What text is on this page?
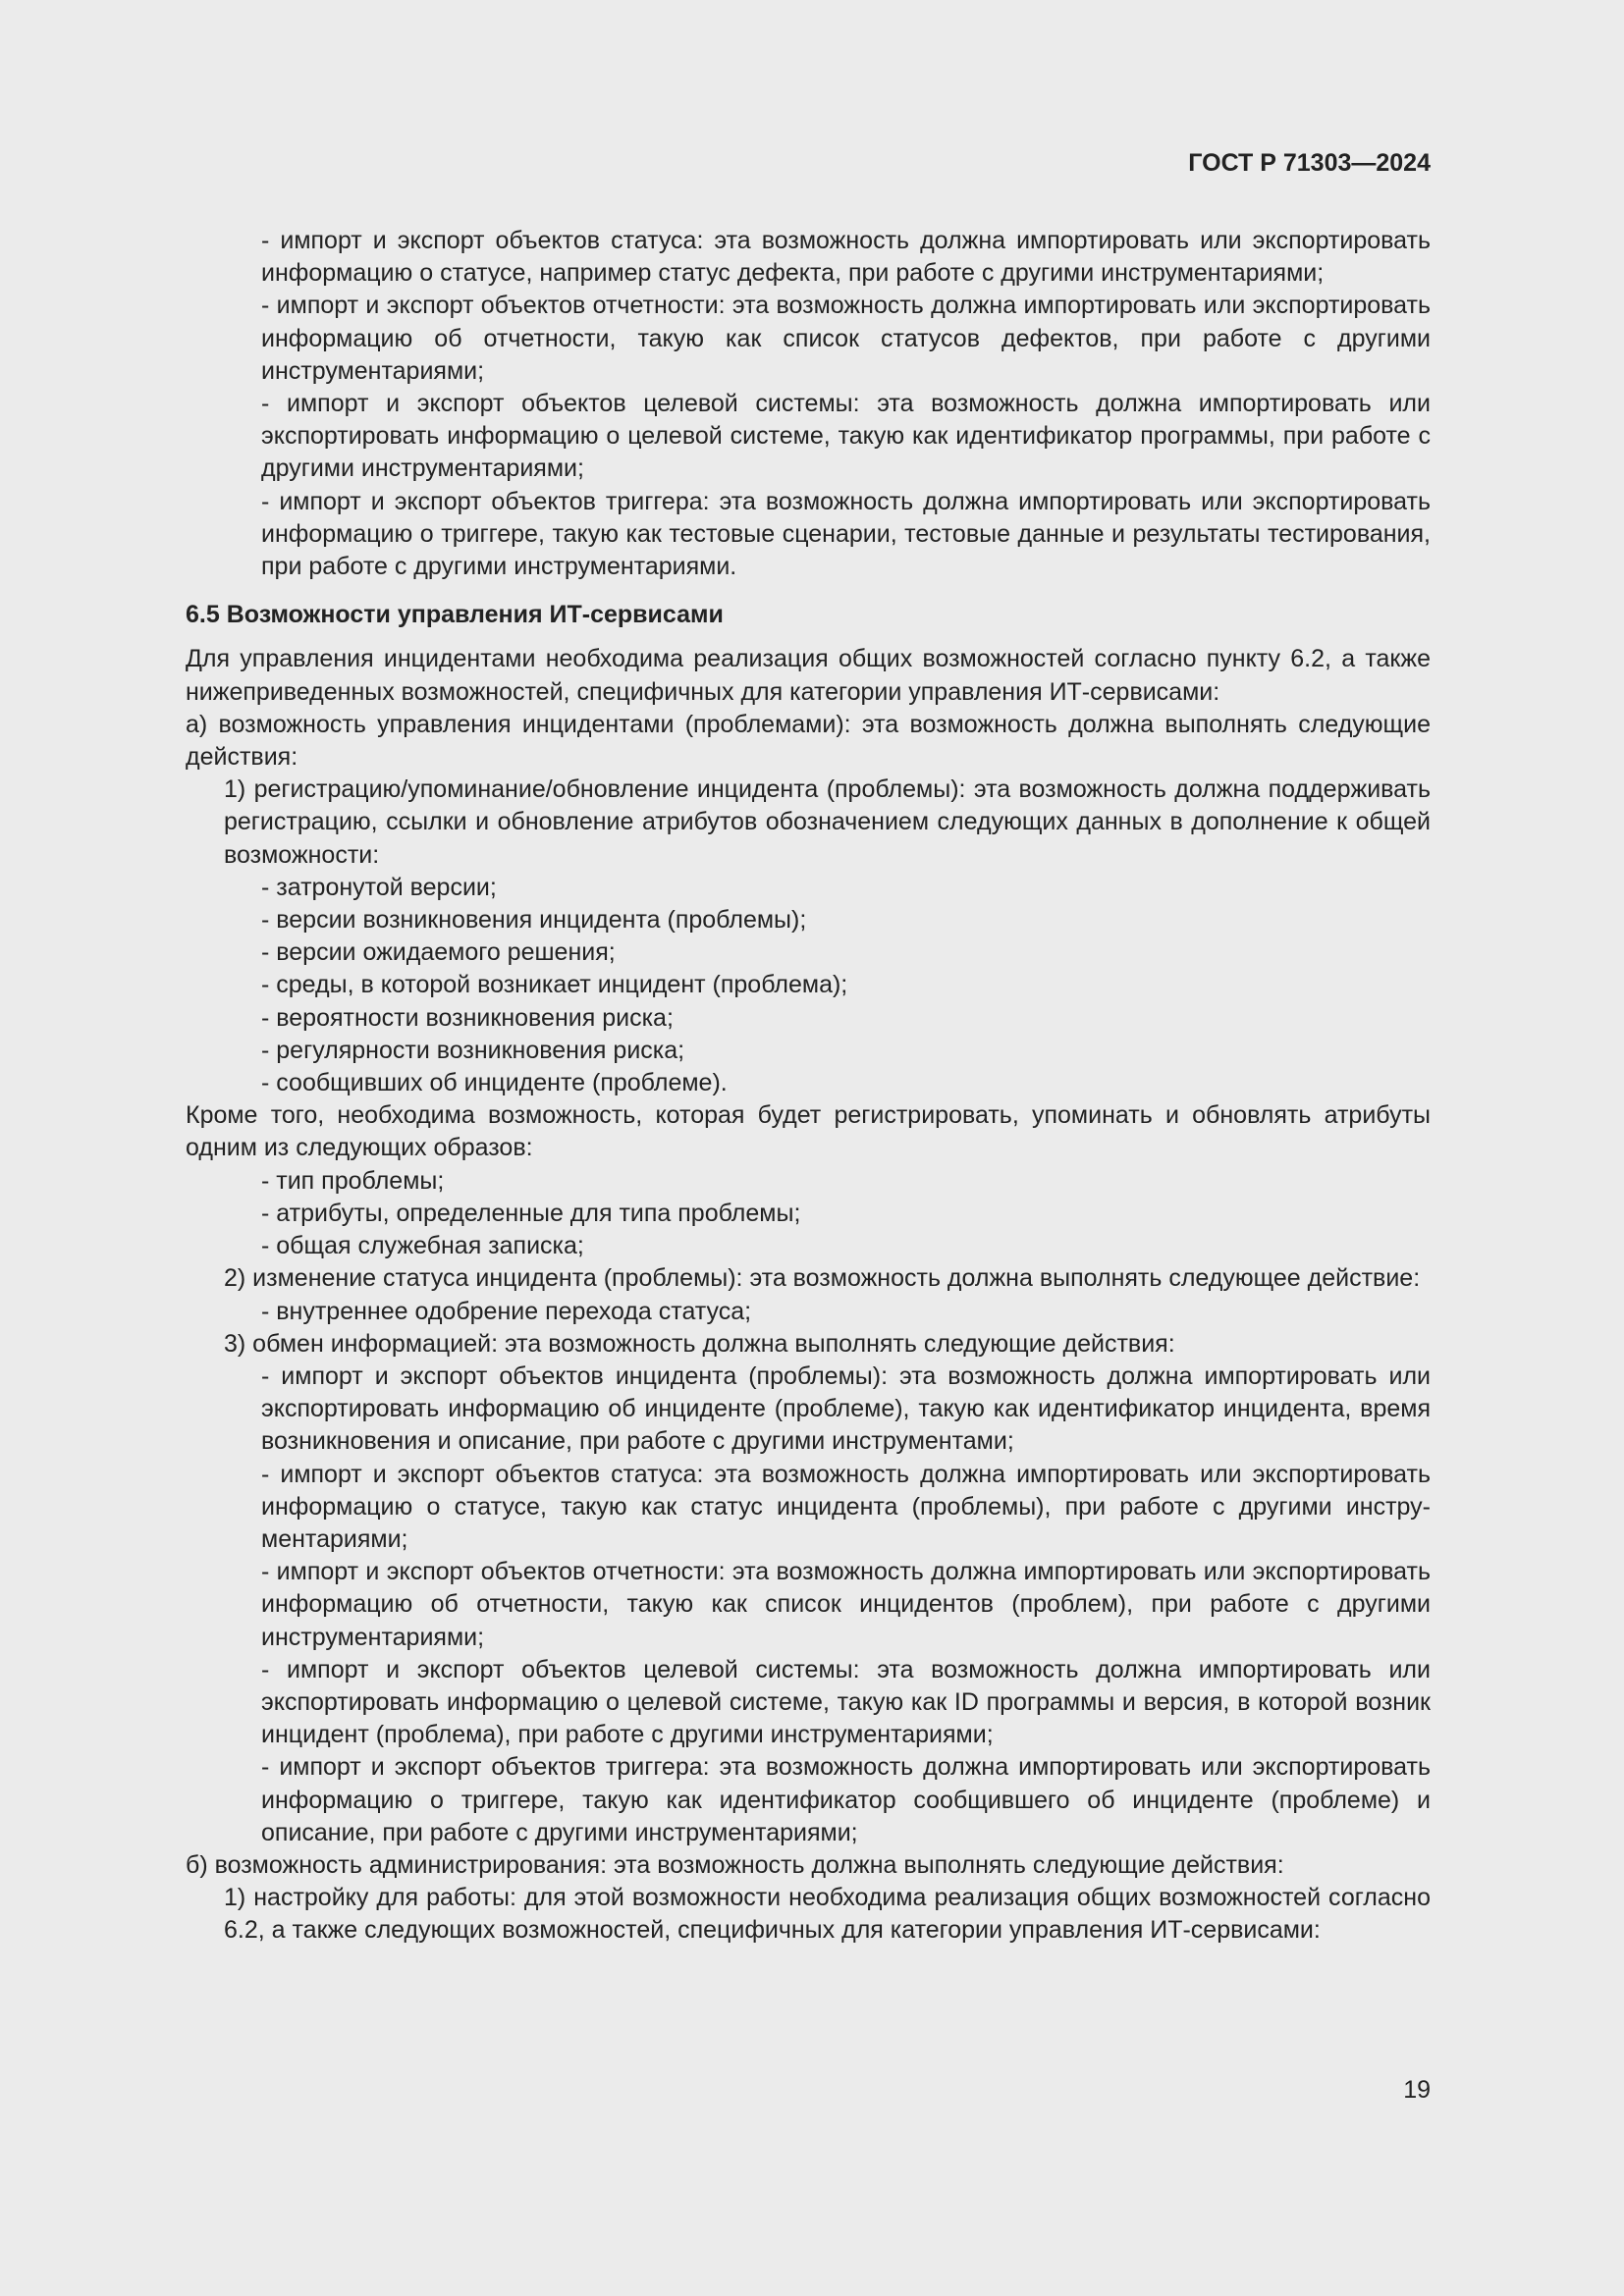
ГОСТ Р 71303—2024

- импорт и экспорт объектов статуса: эта возможность должна импортировать или экспортировать информацию о статусе, например статус дефекта, при работе с другими инструментариями;

- импорт и экспорт объектов отчетности: эта возможность должна импортировать или экспортировать информацию об отчетности, такую как список статусов дефектов, при работе с другими инструментариями;

- импорт и экспорт объектов целевой системы: эта возможность должна импортировать или экспортировать информацию о целевой системе, такую как идентификатор программы, при работе с другими инструментариями;

- импорт и экспорт объектов триггера: эта возможность должна импортировать или экспортировать информацию о триггере, такую как тестовые сценарии, тестовые данные и результаты тестирования, при работе с другими инструментариями.

6.5 Возможности управления ИТ-сервисами

Для управления инцидентами необходима реализация общих возможностей согласно пункту 6.2, а также нижеприведенных возможностей, специфичных для категории управления ИТ-сервисами:

а) возможность управления инцидентами (проблемами): эта возможность должна выполнять следующие действия:

1) регистрацию/упоминание/обновление инцидента (проблемы): эта возможность должна поддерживать регистрацию, ссылки и обновление атрибутов обозначением следующих данных в дополнение к общей возможности:

- затронутой версии;

- версии возникновения инцидента (проблемы);

- версии ожидаемого решения;

- среды, в которой возникает инцидент (проблема);

- вероятности возникновения риска;

- регулярности возникновения риска;

- сообщивших об инциденте (проблеме).

Кроме того, необходима возможность, которая будет регистрировать, упоминать и обновлять атрибуты одним из следующих образов:

- тип проблемы;

- атрибуты, определенные для типа проблемы;

- общая служебная записка;

2) изменение статуса инцидента (проблемы): эта возможность должна выполнять следующее действие:

- внутреннее одобрение перехода статуса;

3) обмен информацией: эта возможность должна выполнять следующие действия:

- импорт и экспорт объектов инцидента (проблемы): эта возможность должна импортировать или экспортировать информацию об инциденте (проблеме), такую как идентификатор инцидента, время возникновения и описание, при работе с другими инструментами;

- импорт и экспорт объектов статуса: эта возможность должна импортировать или экспортировать информацию о статусе, такую как статус инцидента (проблемы), при работе с другими инструментариями;

- импорт и экспорт объектов отчетности: эта возможность должна импортировать или экспортировать информацию об отчетности, такую как список инцидентов (проблем), при работе с другими инструментариями;

- импорт и экспорт объектов целевой системы: эта возможность должна импортировать или экспортировать информацию о целевой системе, такую как ID программы и версия, в которой возник инцидент (проблема), при работе с другими инструментариями;

- импорт и экспорт объектов триггера: эта возможность должна импортировать или экспортировать информацию о триггере, такую как идентификатор сообщившего об инциденте (проблеме) и описание, при работе с другими инструментариями;

б) возможность администрирования: эта возможность должна выполнять следующие действия:

1) настройку для работы: для этой возможности необходима реализация общих возможностей согласно 6.2, а также следующих возможностей, специфичных для категории управления ИТ-сервисами:

19
